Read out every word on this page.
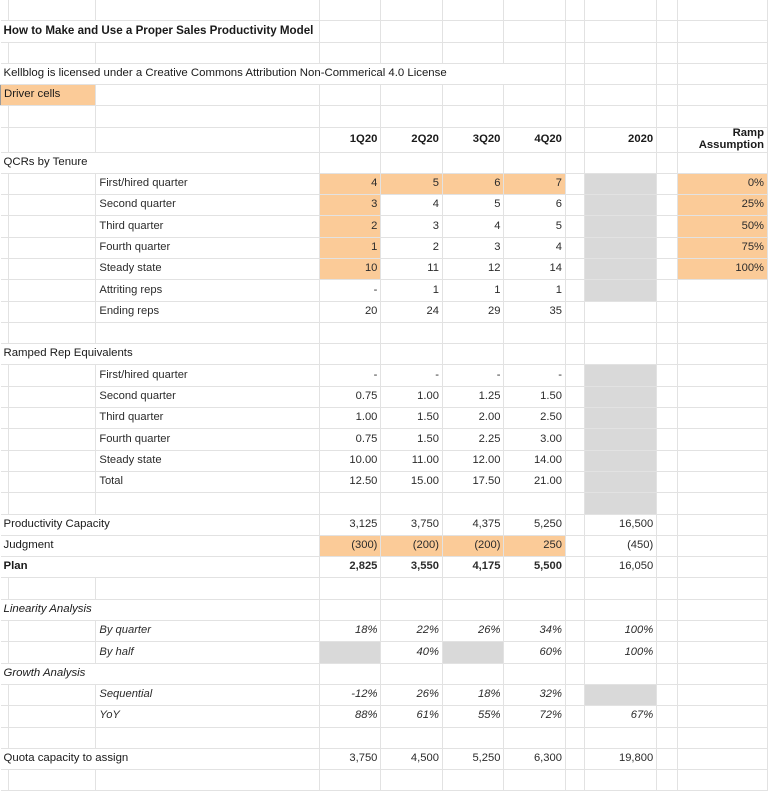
How to Make and Use a Proper Sales Productivity Model										

Kellblog is licensed under a Creative Commons Attribution Non-Commerical 4.0 License										

Driver cells										

			1Q20	2Q20	3Q20	4Q20		2020		Ramp
Assumption

QCRs by Tenure										

		First/hired quarter	4	5	6	7				0%
		Second quarter	3	4	5	6				25%
		Third quarter	2	3	4	5				50%
		Fourth quarter	1	2	3	4				75%
		Steady state	10	11	12	14				100%
		Attriting reps	-	1	1	1				
		Ending reps	20	24	29	35				

Ramped Rep Equivalents										

		First/hired quarter	-	-	-	-				
		Second quarter	0.75	1.00	1.25	1.50				
		Third quarter	1.00	1.50	2.00	2.50				
		Fourth quarter	0.75	1.50	2.25	3.00				
		Steady state	10.00	11.00	12.00	14.00				
		Total	12.50	15.00	17.50	21.00				

Productivity Capacity			3,125	3,750	4,375	5,250		16,500		

Judgment			(300)	(200)	(200)	250		(450)		

Plan			2,825	3,550	4,175	5,500		16,050		

Linearity Analysis										

		By quarter	18%	22%	26%	34%		100%		
		By half		40%		60%		100%		

Growth Analysis										

		Sequential	-12%	26%	18%	32%				
		YoY	88%	61%	55%	72%		67%		

Quota capacity to assign			3,750	4,500	5,250	6,300		19,800		
